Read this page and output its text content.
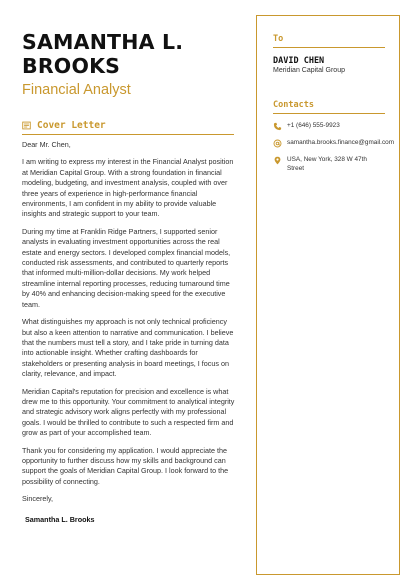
SAMANTHA L.
BROOKS
Financial Analyst
Cover Letter

Dear Mr. Chen,

I am writing to express my interest in the Financial Analyst position at Meridian Capital Group. With a strong foundation in financial modeling, budgeting, and investment analysis, coupled with over three years of experience in high-performance financial environments, I am confident in my ability to provide valuable insights and strategic support to your team.

During my time at Franklin Ridge Partners, I supported senior analysts in evaluating investment opportunities across the real estate and energy sectors. I developed complex financial models, conducted risk assessments, and contributed to quarterly reports that informed multi-million-dollar decisions. My work helped streamline internal reporting processes, reducing turnaround time by 40% and enhancing decision-making speed for the executive team.

What distinguishes my approach is not only technical proficiency but also a keen attention to narrative and communication. I believe that the numbers must tell a story, and I take pride in turning data into actionable insight. Whether crafting dashboards for stakeholders or presenting analysis in board meetings, I focus on clarity, relevance, and impact.

Meridian Capital's reputation for precision and excellence is what drew me to this opportunity. Your commitment to analytical integrity and strategic advisory work aligns perfectly with my professional goals. I would be thrilled to contribute to such a respected firm and grow as part of your accomplished team.

Thank you for considering my application. I would appreciate the opportunity to further discuss how my skills and background can support the goals of Meridian Capital Group. I look forward to the possibility of connecting.

Sincerely,

Samantha L. Brooks
To
DAVID CHEN
Meridian Capital Group
Contacts
+1 (646) 555-9923
samantha.brooks.finance@gmail.com
USA, New York, 328 W 47th Street
